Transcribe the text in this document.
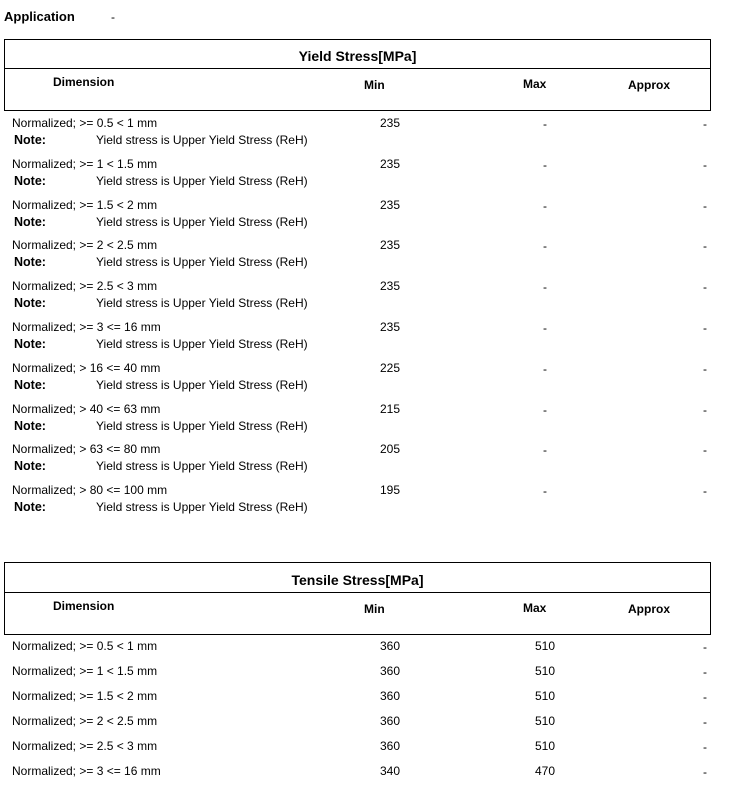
Application	-
Yield Stress[MPa]
Dimension	Min	Max	Approx
Normalized; >= 0.5 < 1 mm	235	-	-
Note:	Yield stress is Upper Yield Stress (ReH)
Normalized; >= 1 < 1.5 mm	235	-	-
Note:	Yield stress is Upper Yield Stress (ReH)
Normalized; >= 1.5 < 2 mm	235	-	-
Note:	Yield stress is Upper Yield Stress (ReH)
Normalized; >= 2 < 2.5 mm	235	-	-
Note:	Yield stress is Upper Yield Stress (ReH)
Normalized; >= 2.5 < 3 mm	235	-	-
Note:	Yield stress is Upper Yield Stress (ReH)
Normalized; >= 3 <= 16 mm	235	-	-
Note:	Yield stress is Upper Yield Stress (ReH)
Normalized; > 16 <= 40 mm	225	-	-
Note:	Yield stress is Upper Yield Stress (ReH)
Normalized; > 40 <= 63 mm	215	-	-
Note:	Yield stress is Upper Yield Stress (ReH)
Normalized; > 63 <= 80 mm	205	-	-
Note:	Yield stress is Upper Yield Stress (ReH)
Normalized; > 80 <= 100 mm	195	-	-
Note:	Yield stress is Upper Yield Stress (ReH)
Tensile Stress[MPa]
Dimension	Min	Max	Approx
Normalized; >= 0.5 < 1 mm	360	510	-
Normalized; >= 1 < 1.5 mm	360	510	-
Normalized; >= 1.5 < 2 mm	360	510	-
Normalized; >= 2 < 2.5 mm	360	510	-
Normalized; >= 2.5 < 3 mm	360	510	-
Normalized; >= 3 <= 16 mm	340	470	-
